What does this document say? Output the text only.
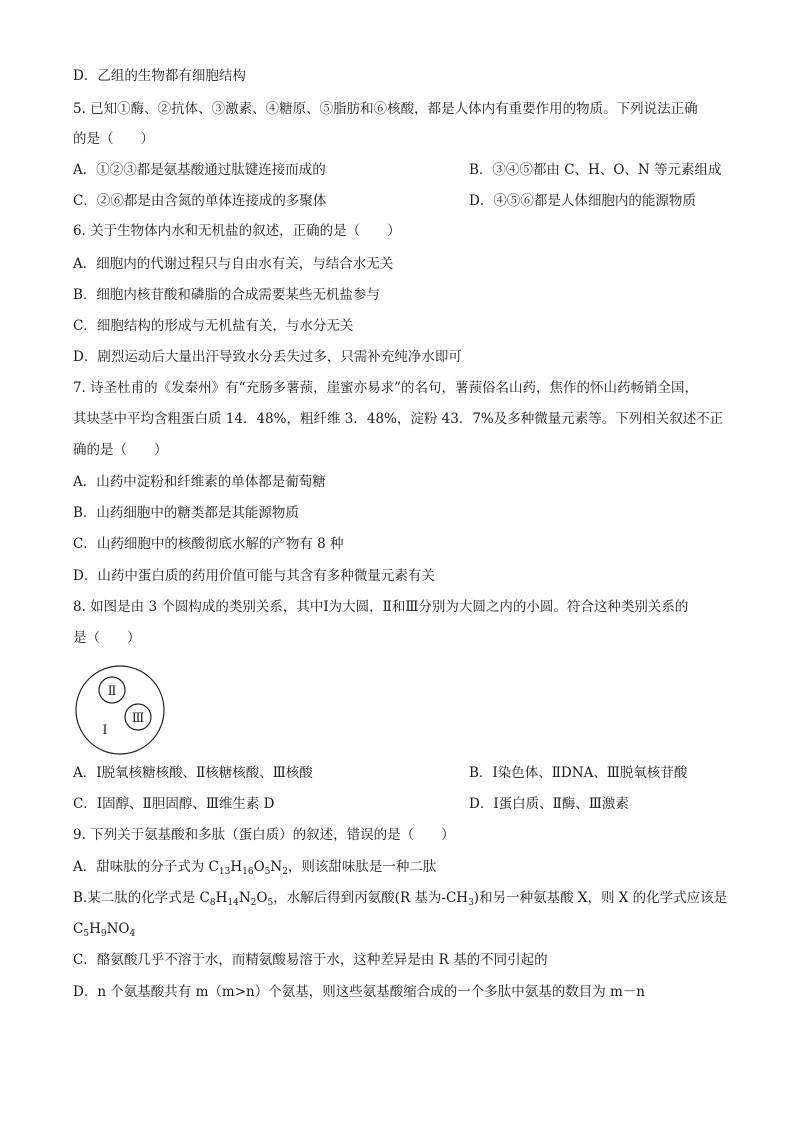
D．乙组的生物都有细胞结构
5. 已知①酶、②抗体、③激素、④糖原、⑤脂肪和⑥核酸，都是人体内有重要作用的物质。下列说法正确
的是（　　）
A．①②③都是氨基酸通过肽键连接而成的	B．③④⑤都由 C、H、O、N 等元素组成
C．②⑥都是由含氮的单体连接成的多聚体	D．④⑤⑥都是人体细胞内的能源物质
6. 关于生物体内水和无机盐的叙述，正确的是（　　）
A．细胞内的代谢过程只与自由水有关，与结合水无关
B．细胞内核苷酸和磷脂的合成需要某些无机盐参与
C．细胞结构的形成与无机盐有关，与水分无关
D．剧烈运动后大量出汗导致水分丢失过多，只需补充纯净水即可
7. 诗圣杜甫的《发秦州》有“充肠多薯蓣，崖蜜亦易求”的名句，薯蓣俗名山药，焦作的怀山药畅销全国，
其块茎中平均含粗蛋白质 14．48%，粗纤维 3．48%，淀粉 43．7%及多种微量元素等。下列相关叙述不正
确的是（　　）
A．山药中淀粉和纤维素的单体都是葡萄糖
B．山药细胞中的糖类都是其能源物质
C．山药细胞中的核酸彻底水解的产物有 8 种
D．山药中蛋白质的药用价值可能与其含有多种微量元素有关
8. 如图是由 3 个圆构成的类别关系，其中Ⅰ为大圆，Ⅱ和Ⅲ分别为大圆之内的小圆。符合这种类别关系的
是（　　）
Ⅱ
Ⅲ
Ⅰ
A．Ⅰ脱氧核糖核酸、Ⅱ核糖核酸、Ⅲ核酸	B．Ⅰ染色体、ⅡDNA、Ⅲ脱氧核苷酸
C．Ⅰ固醇、Ⅱ胆固醇、Ⅲ维生素 D	D．Ⅰ蛋白质、Ⅱ酶、Ⅲ激素
9. 下列关于氨基酸和多肽（蛋白质）的叙述，错误的是（　　）
A．甜味肽的分子式为 $C_{13}H_{16}O_5N_2$，则该甜味肽是一种二肽
B.某二肽的化学式是 $C_8H_{14}N_2O_5$，水解后得到丙氨酸(R 基为$-CH_3$)和另一种氨基酸 X，则 X 的化学式应该是
$C_5H_9NO_4$
C．酪氨酸几乎不溶于水，而精氨酸易溶于水，这种差异是由 R 基的不同引起的
D．n 个氨基酸共有 m（m>n）个氨基，则这些氨基酸缩合成的一个多肽中氨基的数目为 m－n
